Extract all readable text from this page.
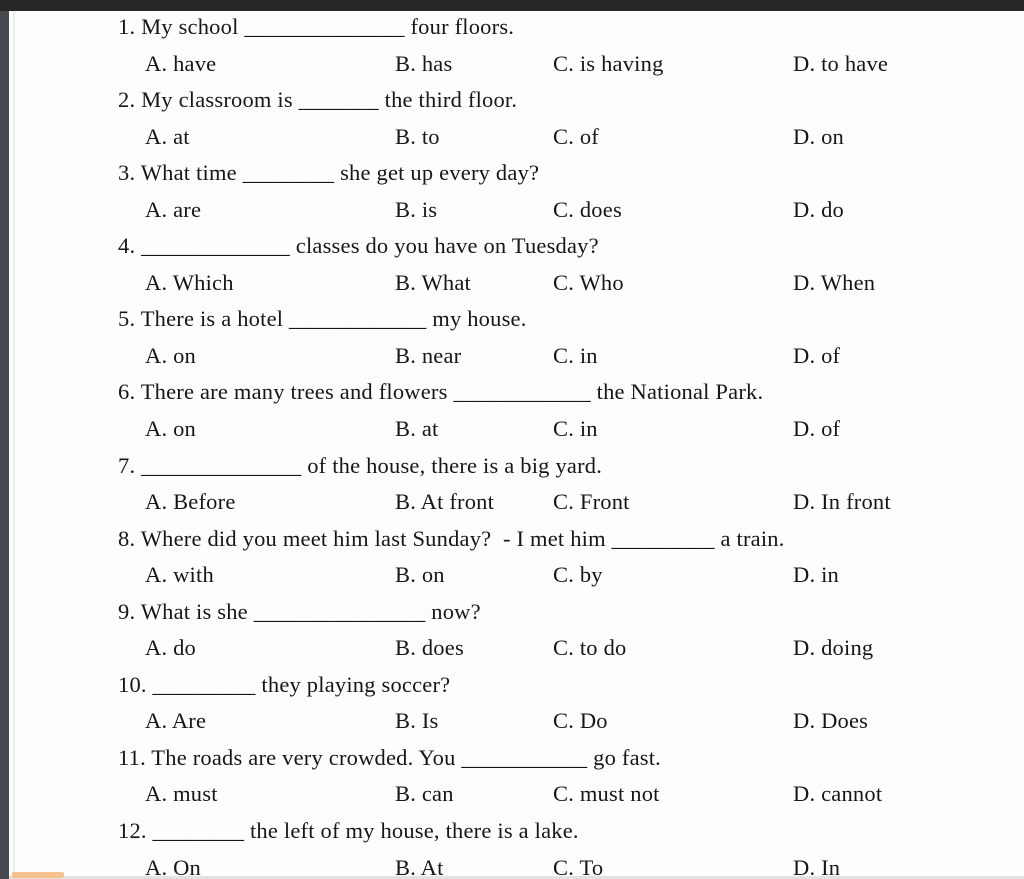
1. My school ______________ four floors.
A. have	B. has	C. is having	D. to have
2. My classroom is _______ the third floor.
A. at	B. to	C. of	D. on
3. What time ________ she get up every day?
A. are	B. is	C. does	D. do
4. _____________ classes do you have on Tuesday?
A. Which	B. What	C. Who	D. When
5. There is a hotel ____________ my house.
A. on	B. near	C. in	D. of
6. There are many trees and flowers ____________ the National Park.
A. on	B. at	C. in	D. of
7. ______________ of the house, there is a big yard.
A. Before	B. At front	C. Front	D. In front
8. Where did you meet him last Sunday?  - I met him _________ a train.
A. with	B. on	C. by	D. in
9. What is she _______________ now?
A. do	B. does	C. to do	D. doing
10. _________ they playing soccer?
A. Are	B. Is	C. Do	D. Does
11. The roads are very crowded. You ___________ go fast.
A. must	B. can	C. must not	D. cannot
12. ________ the left of my house, there is a lake.
A. On	B. At	C. To	D. In
